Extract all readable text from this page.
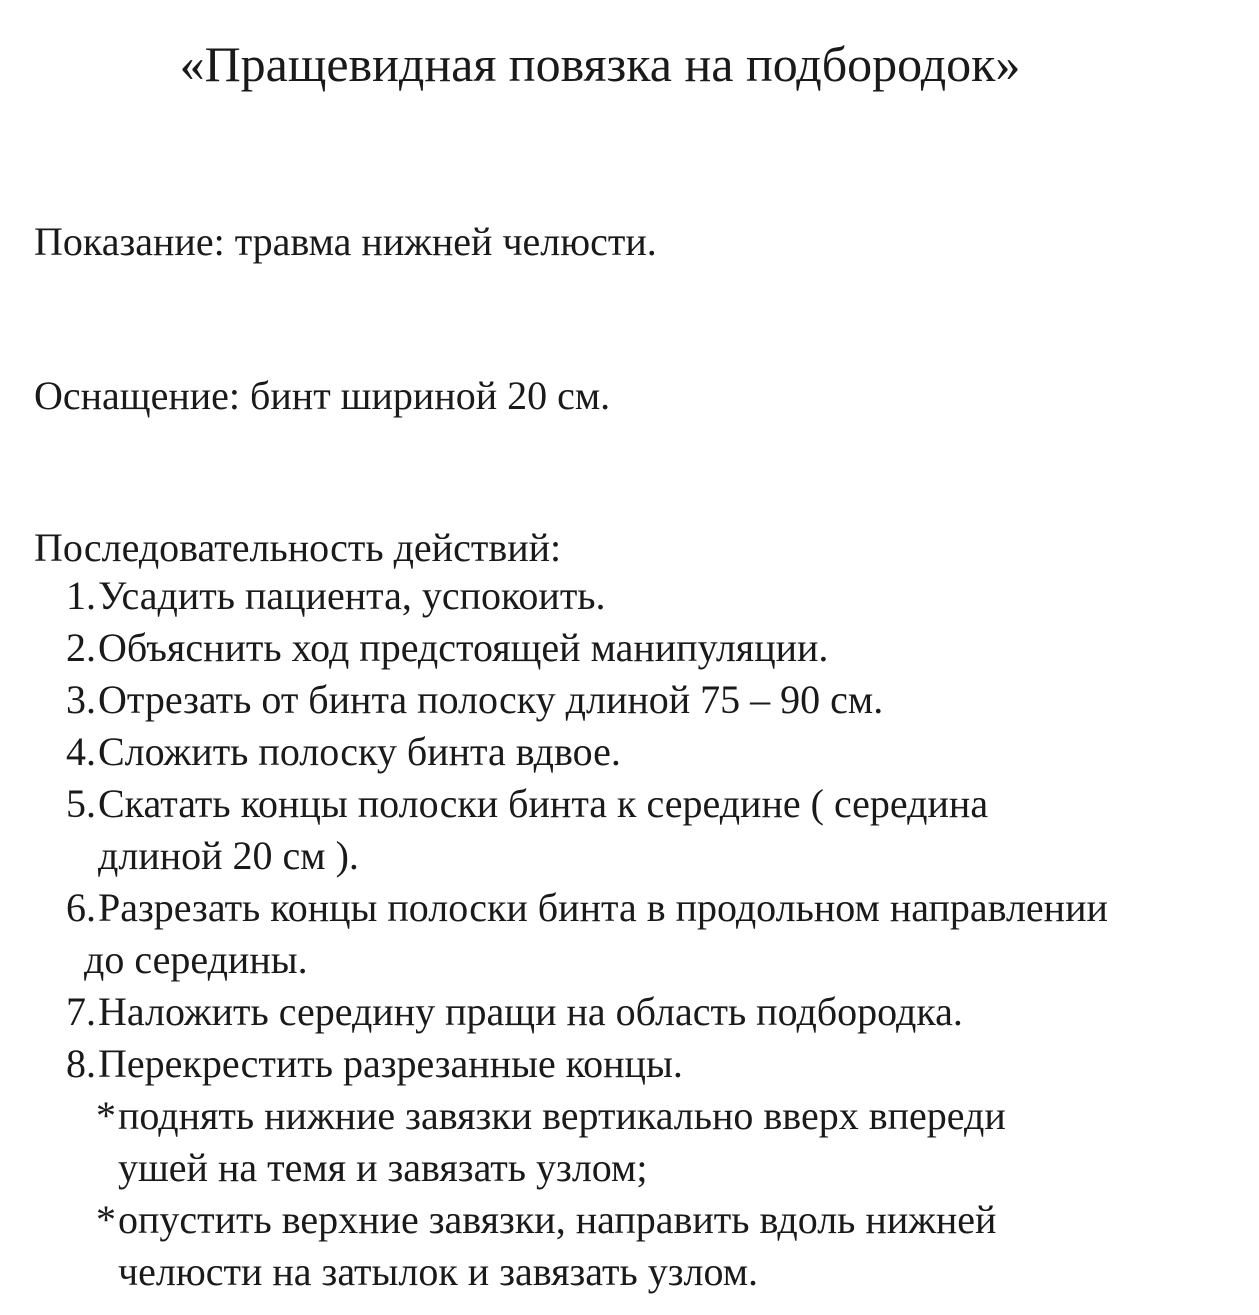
«Пращевидная повязка на подбородок»
Показание: травма нижней челюсти.
Оснащение: бинт шириной 20 см.
Последовательность действий:
1. Усадить пациента, успокоить.
2. Объяснить ход предстоящей манипуляции.
3. Отрезать от бинта полоску длиной 75 – 90 см.
4. Сложить полоску бинта вдвое.
5. Скатать концы полоски бинта к середине ( середина
длиной 20 см ).
6. Разрезать концы полоски бинта в продольном направлении
до середины.
7. Наложить середину пращи на область подбородка.
8. Перекрестить разрезанные концы.
*поднять нижние завязки вертикально вверх впереди
ушей на темя и завязать узлом;
*опустить верхние завязки, направить вдоль нижней
челюсти на затылок и завязать узлом.
